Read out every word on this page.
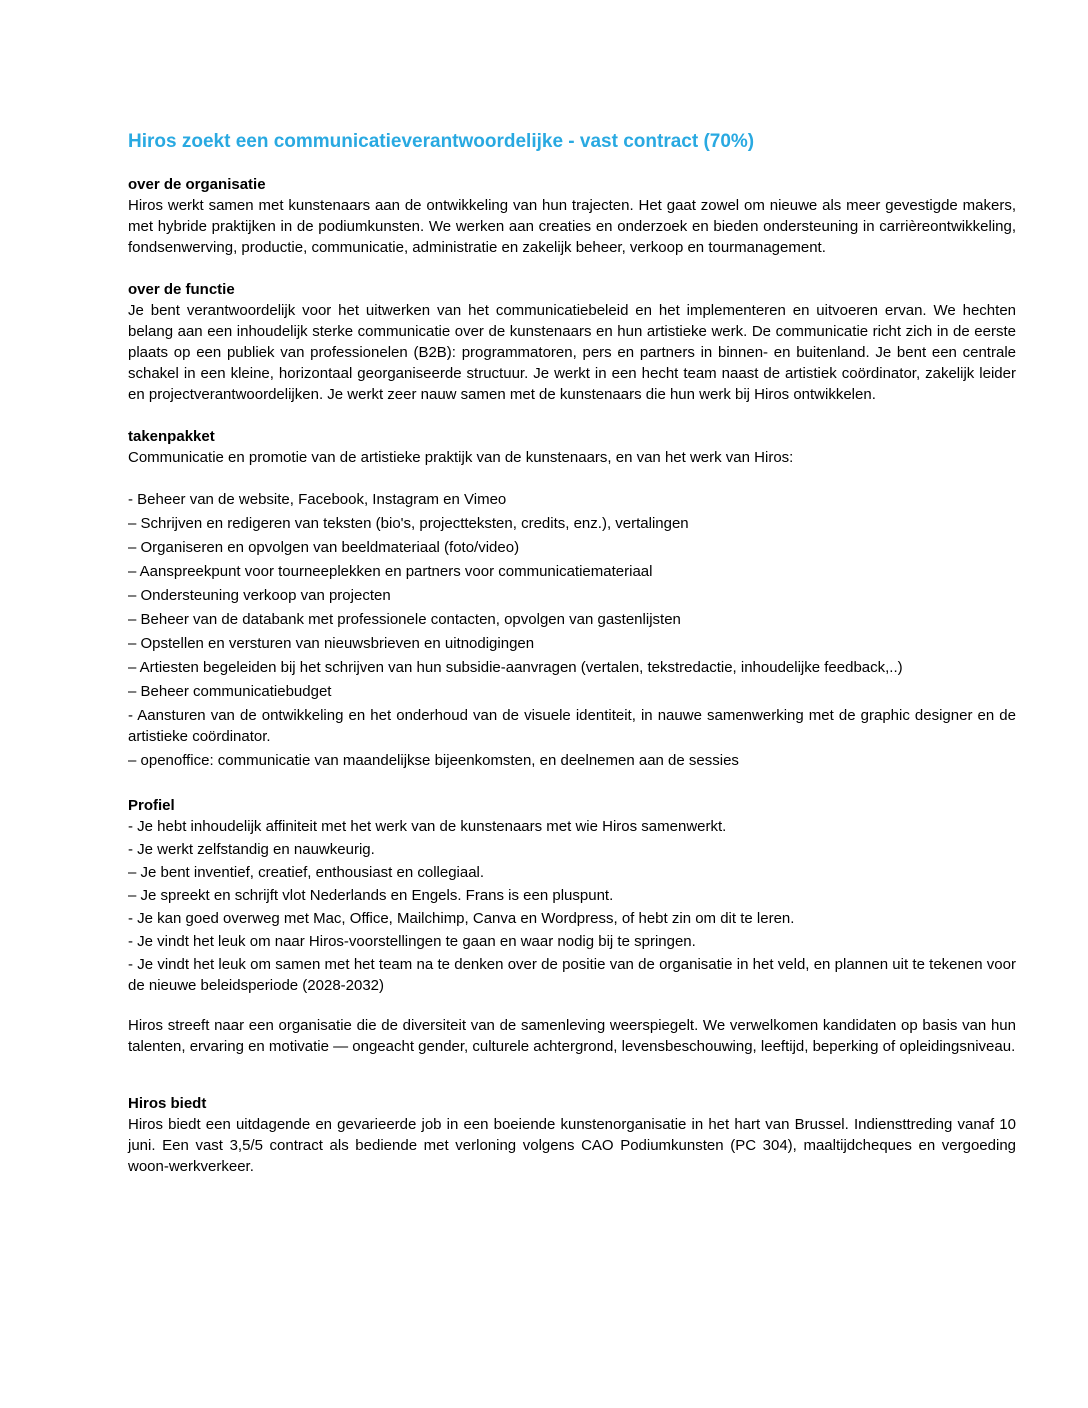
Hiros zoekt een communicatieverantwoordelijke - vast contract (70%)
over de organisatie

Hiros werkt samen met kunstenaars aan de ontwikkeling van hun trajecten. Het gaat zowel om nieuwe als meer gevestigde makers, met hybride praktijken in de podiumkunsten. We werken aan creaties en onderzoek en bieden ondersteuning in carrièreontwikkeling, fondsenwerving, productie, communicatie, administratie en zakelijk beheer, verkoop en tourmanagement.

over de functie

Je bent verantwoordelijk voor het uitwerken van het communicatiebeleid en het implementeren en uitvoeren ervan. We hechten belang aan een inhoudelijk sterke communicatie over de kunstenaars en hun artistieke werk. De communicatie richt zich in de eerste plaats op een publiek van professionelen (B2B): programmatoren, pers en partners in binnen- en buitenland. Je bent een centrale schakel in een kleine, horizontaal georganiseerde structuur. Je werkt in een hecht team naast de artistiek coördinator, zakelijk leider en projectverantwoordelijken. Je werkt zeer nauw samen met de kunstenaars die hun werk bij Hiros ontwikkelen.

takenpakket

Communicatie en promotie van de artistieke praktijk van de kunstenaars, en van het werk van Hiros:

- Beheer van de website, Facebook, Instagram en Vimeo

– Schrijven en redigeren van teksten (bio's, projectteksten, credits, enz.), vertalingen

– Organiseren en opvolgen van beeldmateriaal (foto/video)

– Aanspreekpunt voor tourneeplekken en partners voor communicatiemateriaal

– Ondersteuning verkoop van projecten

– Beheer van de databank met professionele contacten, opvolgen van gastenlijsten

– Opstellen en versturen van nieuwsbrieven en uitnodigingen

– Artiesten begeleiden bij het schrijven van hun subsidie-aanvragen (vertalen, tekstredactie, inhoudelijke feedback,..)

– Beheer communicatiebudget

- Aansturen van de ontwikkeling en het onderhoud van de visuele identiteit, in nauwe samenwerking met de graphic designer en de artistieke coördinator.

– openoffice: communicatie van maandelijkse bijeenkomsten, en deelnemen aan de sessies

Profiel

- Je hebt inhoudelijk affiniteit met het werk van de kunstenaars met wie Hiros samenwerkt.

- Je werkt zelfstandig en nauwkeurig.

– Je bent inventief, creatief, enthousiast en collegiaal.

– Je spreekt en schrijft vlot Nederlands en Engels. Frans is een pluspunt.

- Je kan goed overweg met Mac, Office, Mailchimp, Canva en Wordpress, of hebt zin om dit te leren.

- Je vindt het leuk om naar Hiros-voorstellingen te gaan en waar nodig bij te springen.

- Je vindt het leuk om samen met het team na te denken over de positie van de organisatie in het veld, en plannen uit te tekenen voor de nieuwe beleidsperiode (2028-2032)

Hiros streeft naar een organisatie die de diversiteit van de samenleving weerspiegelt. We verwelkomen kandidaten op basis van hun talenten, ervaring en motivatie — ongeacht gender, culturele achtergrond, levensbeschouwing, leeftijd, beperking of opleidingsniveau.

Hiros biedt

Hiros biedt een uitdagende en gevarieerde job in een boeiende kunstenorganisatie in het hart van Brussel. Indiensttreding vanaf 10 juni. Een vast 3,5/5 contract als bediende met verloning volgens CAO Podiumkunsten (PC 304), maaltijdcheques en vergoeding woon-werkverkeer.
